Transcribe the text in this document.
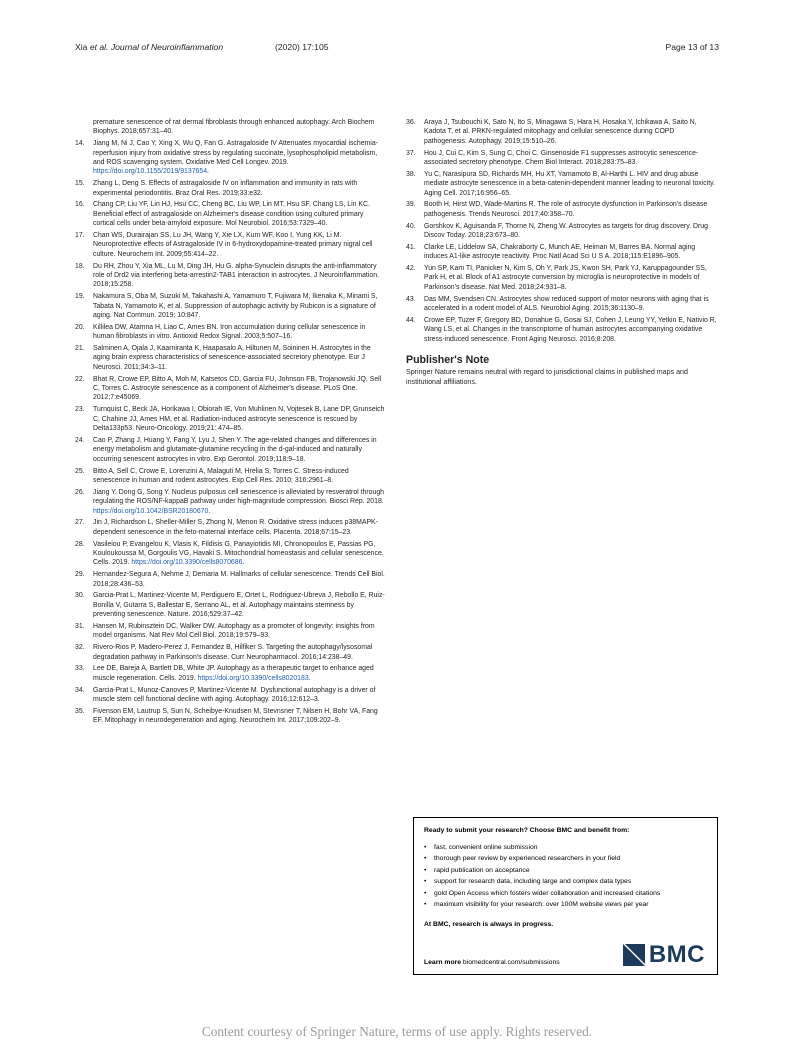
Xia et al. Journal of Neuroinflammation	(2020) 17:105	Page 13 of 13
premature senescence of rat dermal fibroblasts through enhanced autophagy. Arch Biochem Biophys. 2018;657:31–40.
14.	Jiang M, Ni J, Cao Y, Xing X, Wu Q, Fan G. Astragaloside IV Attenuates myocardial ischemia-reperfusion injury from oxidative stress by regulating succinate, lysophospholipid metabolism, and ROS scavenging system. Oxidative Med Cell Longev. 2019. https://doi.org/10.1155/2019/9137654.
15.	Zhang L, Deng S. Effects of astragaloside IV on inflammation and immunity in rats with experimental periodontitis. Braz Oral Res. 2019;33:e32.
16.	Chang CP, Liu YF, Lin HJ, Hsu CC, Cheng BC, Liu WP, Lin MT, Hsu SF, Chang LS, Lin KC. Beneficial effect of astragaloside on Alzheimer's disease condition using cultured primary cortical cells under beta-amyloid exposure. Mol Neurobiol. 2016;53:7329–40.
17.	Chan WS, Durairajan SS, Lu JH, Wang Y, Xie LX, Kum WF, Koo I, Yung KK, Li M. Neuroprotective effects of Astragaloside IV in 6-hydroxydopamine-treated primary nigral cell culture. Neurochem Int. 2009;55:414–22.
18.	Du RH, Zhou Y, Xia ML, Lu M, Ding JH, Hu G. alpha-Synuclein disrupts the anti-inflammatory role of Drd2 via interfering beta-arrestin2-TAB1 interaction in astrocytes. J Neuroinflammation. 2018;15:258.
19.	Nakamura S, Oba M, Suzuki M, Takahashi A, Yamamuro T, Fujiwara M, Ikenaka K, Minami S, Tabata N, Yamamoto K, et al. Suppression of autophagic activity by Rubicon is a signature of aging. Nat Commun. 2019; 10:847.
20.	Killilea DW, Atamna H, Liao C, Ames BN. Iron accumulation during cellular senescence in human fibroblasts in vitro. Antioxid Redox Signal. 2003;5:507–16.
21.	Salminen A, Ojala J, Kaarniranta K, Haapasalo A, Hiltunen M, Soininen H. Astrocytes in the aging brain express characteristics of senescence-associated secretory phenotype. Eur J Neurosci. 2011;34:3–11.
22.	Bhat R, Crowe EP, Bitto A, Moh M, Katsetos CD, Garcia FU, Johnson FB, Trojanowski JQ, Sell C, Torres C. Astrocyte senescence as a component of Alzheimer's disease. PLoS One. 2012;7:e45069.
23.	Turnquist C, Beck JA, Horikawa I, Obiorah IE, Von Muhlinen N, Vojtesek B, Lane DP, Grunseich C, Chahine JJ, Ames HM, et al. Radiation-induced astrocyte senescence is rescued by Delta133p53. Neuro-Oncology. 2019;21: 474–85.
24.	Cao P, Zhang J, Huang Y, Fang Y, Lyu J, Shen Y. The age-related changes and differences in energy metabolism and glutamate-glutamine recycling in the d-gal-induced and naturally occurring senescent astrocytes in vitro. Exp Gerontol. 2019;118:9–18.
25.	Bitto A, Sell C, Crowe E, Lorenzini A, Malaguti M, Hrelia S, Torres C. Stress-induced senescence in human and rodent astrocytes. Exp Cell Res. 2010; 316:2961–8.
26.	Jiang Y, Dong G, Song Y. Nucleus pulposus cell senescence is alleviated by resveratrol through regulating the ROS/NF-kappaB pathway under high-magnitude compression. Biosci Rep. 2018. https://doi.org/10.1042/BSR20180670.
27.	Jin J, Richardson L, Sheller-Miller S, Zhong N, Menon R. Oxidative stress induces p38MAPK-dependent senescence in the feto-maternal interface cells. Placenta. 2018;67:15–23.
28.	Vasileiou P, Evangelou K, Vlasis K, Fildisis G, Panayiotidis MI, Chronopoulos E, Passias PG, Kouloukoussa M, Gorgoulis VG, Havaki S. Mitochondrial homeostasis and cellular senescence. Cells. 2019. https://doi.org/10.3390/cells8070686.
29.	Hernandez-Segura A, Nehme J, Demaria M. Hallmarks of cellular senescence. Trends Cell Biol. 2018;28:436–53.
30.	Garcia-Prat L, Martinez-Vicente M, Perdiguero E, Ortet L, Rodriguez-Ubreva J, Rebollo E, Ruiz-Bonilla V, Gutarra S, Ballestar E, Serrano AL, et al. Autophagy maintains stemness by preventing senescence. Nature. 2016;529:37–42.
31.	Hansen M, Rubinsztein DC, Walker DW. Autophagy as a promoter of longevity: insights from model organisms. Nat Rev Mol Cell Biol. 2018;19:579–93.
32.	Rivero-Rios P, Madero-Perez J, Fernandez B, Hilfiker S. Targeting the autophagy/lysosomal degradation pathway in Parkinson's disease. Curr Neuropharmacol. 2016;14:238–49.
33.	Lee DE, Bareja A, Bartlett DB, White JP. Autophagy as a therapeutic target to enhance aged muscle regeneration. Cells. 2019. https://doi.org/10.3390/cells8020183.
34.	Garcia-Prat L, Munoz-Canoves P, Martinez-Vicente M. Dysfunctional autophagy is a driver of muscle stem cell functional decline with aging. Autophagy. 2016;12:612–3.
35.	Fivenson EM, Lautrup S, Sun N, Scheibye-Knudsen M, Stevnsner T, Nilsen H, Bohr VA, Fang EF. Mitophagy in neurodegeneration and aging. Neurochem Int. 2017;109:202–9.
36.	Araya J, Tsubouchi K, Sato N, Ito S, Minagawa S, Hara H, Hosaka Y, Ichikawa A, Saito N, Kadota T, et al. PRKN-regulated mitophagy and cellular senescence during COPD pathogenesis. Autophagy. 2019;15:510–26.
37.	Hou J, Cui C, Kim S, Sung C, Choi C. Ginsenoside F1 suppresses astrocytic senescence-associated secretory phenotype. Chem Biol Interact. 2018;283:75–83.
38.	Yu C, Narasipura SD, Richards MH, Hu XT, Yamamoto B, Al-Harthi L. HIV and drug abuse mediate astrocyte senescence in a beta-catenin-dependent manner leading to neuronal toxicity. Aging Cell. 2017;16:956–65.
39.	Booth H, Hirst WD, Wade-Martins R. The role of astrocyte dysfunction in Parkinson's disease pathogenesis. Trends Neurosci. 2017;40:358–70.
40.	Gorshkov K, Aguisanda F, Thorne N, Zheng W. Astrocytes as targets for drug discovery. Drug Discov Today. 2018;23:673–80.
41.	Clarke LE, Liddelow SA, Chakraborty C, Munch AE, Heiman M, Barres BA. Normal aging induces A1-like astrocyte reactivity. Proc Natl Acad Sci U S A. 2018;115:E1896–905.
42.	Yun SP, Kam TI, Panicker N, Kim S, Oh Y, Park JS, Kwon SH, Park YJ, Karuppagounder SS, Park H, et al. Block of A1 astrocyte conversion by microglia is neuroprotective in models of Parkinson's disease. Nat Med. 2018;24:931–8.
43.	Das MM, Svendsen CN. Astrocytes show reduced support of motor neurons with aging that is accelerated in a rodent model of ALS. Neurobiol Aging. 2015;36:1130–9.
44.	Crowe EP, Tuzer F, Gregory BD, Donahue G, Gosai SJ, Cohen J, Leung YY, Yetkin E, Nativio R, Wang LS, et al. Changes in the transcriptome of human astrocytes accompanying oxidative stress-induced senescence. Front Aging Neurosci. 2016;8:208.
Publisher's Note
Springer Nature remains neutral with regard to jurisdictional claims in published maps and institutional affiliations.
Ready to submit your research? Choose BMC and benefit from:
• fast, convenient online submission
• thorough peer review by experienced researchers in your field
• rapid publication on acceptance
• support for research data, including large and complex data types
• gold Open Access which fosters wider collaboration and increased citations
• maximum visibility for your research: over 100M website views per year
At BMC, research is always in progress.
Learn more biomedcentral.com/submissions	BMC
Content courtesy of Springer Nature, terms of use apply. Rights reserved.
